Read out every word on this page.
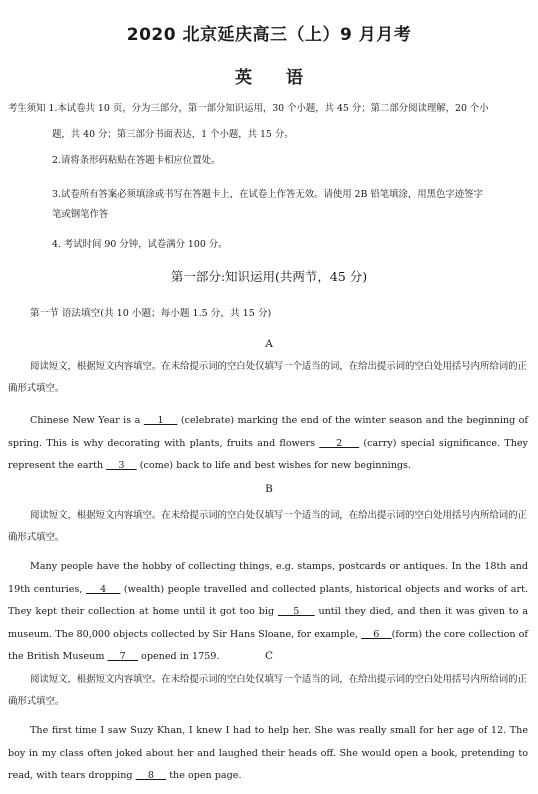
2020 北京延庆高三（上）9 月月考
英 语
考生须知 1.本试卷共 10 页，分为三部分，第一部分知识运用，30 个小题，共 45 分；第二部分阅读理解，20 个小
题，共 40 分；第三部分书面表达，1 个小题，共 15 分。
2.请将条形码粘贴在答题卡相应位置处。
3.试卷所有答案必须填涂或书写在答题卡上，在试卷上作答无效。请使用 2B 铅笔填涂，用黑色字迹签字
笔或钢笔作答
4. 考试时间 90 分钟，试卷满分 100 分。
第一部分:知识运用(共两节，45 分)
第一节 语法填空(共 10 小题；每小题 1.5 分，共 15 分)
A
阅读短文，根据短文内容填空。在未给提示词的空白处仅填写一个适当的词，在给出提示词的空白处用括号内所给词的正确形式填空。
Chinese New Year is a     1     (celebrate) marking the end of the winter season and the beginning of spring. This is why decorating with plants, fruits and flowers     2     (carry) special significance. They represent the earth     3     (come) back to life and best wishes for new beginnings.
B
阅读短文，根据短文内容填空。在未给提示词的空白处仅填写一个适当的词，在给出提示词的空白处用括号内所给词的正确形式填空。
Many people have the hobby of collecting things, e.g. stamps, postcards or antiques. In the 18th and 19th centuries,     4     (wealth) people travelled and collected plants, historical objects and works of art. They kept their collection at home until it got too big     5     until they died, and then it was given to a museum. The 80,000 objects collected by Sir Hans Sloane, for example,     6    (form) the core collection of the British Museum     7     opened in 1759.	C
阅读短文，根据短文内容填空。在未给提示词的空白处仅填写一个适当的词，在给出提示词的空白处用括号内所给词的正确形式填空。
The first time I saw Suzy Khan, I knew I had to help her. She was really small for her age of 12. The boy in my class often joked about her and laughed their heads off. She would open a book, pretending to read, with tears dropping     8     the open page.
